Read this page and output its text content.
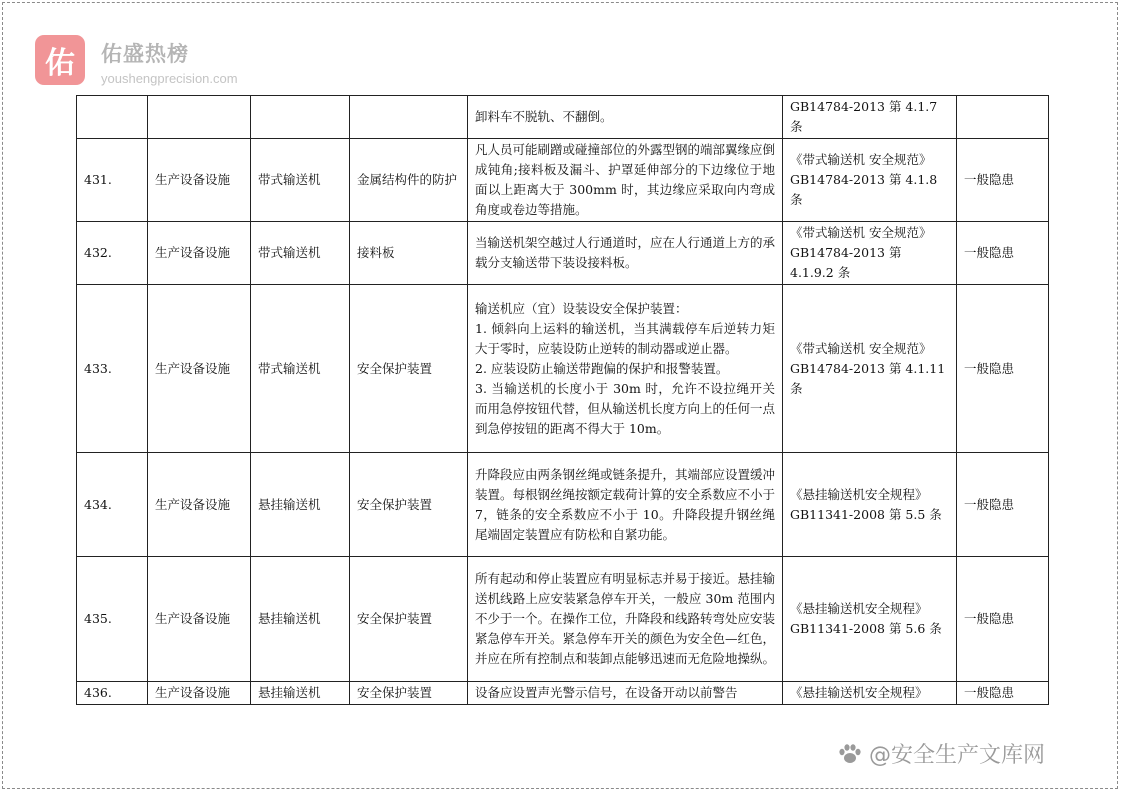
佑	佑盛热榜
youshengprecision.com
				卸料车不脱轨、不翻倒。	GB14784-2013 第 4.1.7 条	
431.	生产设备设施	带式输送机	金属结构件的防护	凡人员可能刷蹭或碰撞部位的外露型钢的端部翼缘应倒成钝角;接料板及漏斗、护罩延伸部分的下边缘位于地面以上距离大于 300mm 时，其边缘应采取向内弯成角度或卷边等措施。	《带式输送机 安全规范》GB14784-2013 第 4.1.8 条	一般隐患
432.	生产设备设施	带式输送机	接料板	当输送机架空越过人行通道时，应在人行通道上方的承载分支输送带下装设接料板。	《带式输送机 安全规范》GB14784-2013 第 4.1.9.2 条	一般隐患
433.	生产设备设施	带式输送机	安全保护装置	输送机应（宜）设装设安全保护装置：
1. 倾斜向上运料的输送机，当其满载停车后逆转力矩大于零时，应装设防止逆转的制动器或逆止器。
2. 应装设防止输送带跑偏的保护和报警装置。
3. 当输送机的长度小于 30m 时，允许不设拉绳开关而用急停按钮代替，但从输送机长度方向上的任何一点到急停按钮的距离不得大于 10m。	《带式输送机 安全规范》GB14784-2013 第 4.1.11 条	一般隐患
434.	生产设备设施	悬挂输送机	安全保护装置	升降段应由两条钢丝绳或链条提升，其端部应设置缓冲装置。每根钢丝绳按额定载荷计算的安全系数应不小于 7，链条的安全系数应不小于 10。升降段提升钢丝绳尾端固定装置应有防松和自紧功能。	《悬挂输送机安全规程》GB11341-2008 第 5.5 条	一般隐患
435.	生产设备设施	悬挂输送机	安全保护装置	所有起动和停止装置应有明显标志并易于接近。悬挂输送机线路上应安装紧急停车开关，一般应 30m 范围内不少于一个。在操作工位，升降段和线路转弯处应安装紧急停车开关。紧急停车开关的颜色为安全色—红色，并应在所有控制点和装卸点能够迅速而无危险地操纵。	《悬挂输送机安全规程》GB11341-2008 第 5.6 条	一般隐患
436.	生产设备设施	悬挂输送机	安全保护装置	设备应设置声光警示信号，在设备开动以前警告	《悬挂输送机安全规程》	一般隐患
@安全生产文库网
